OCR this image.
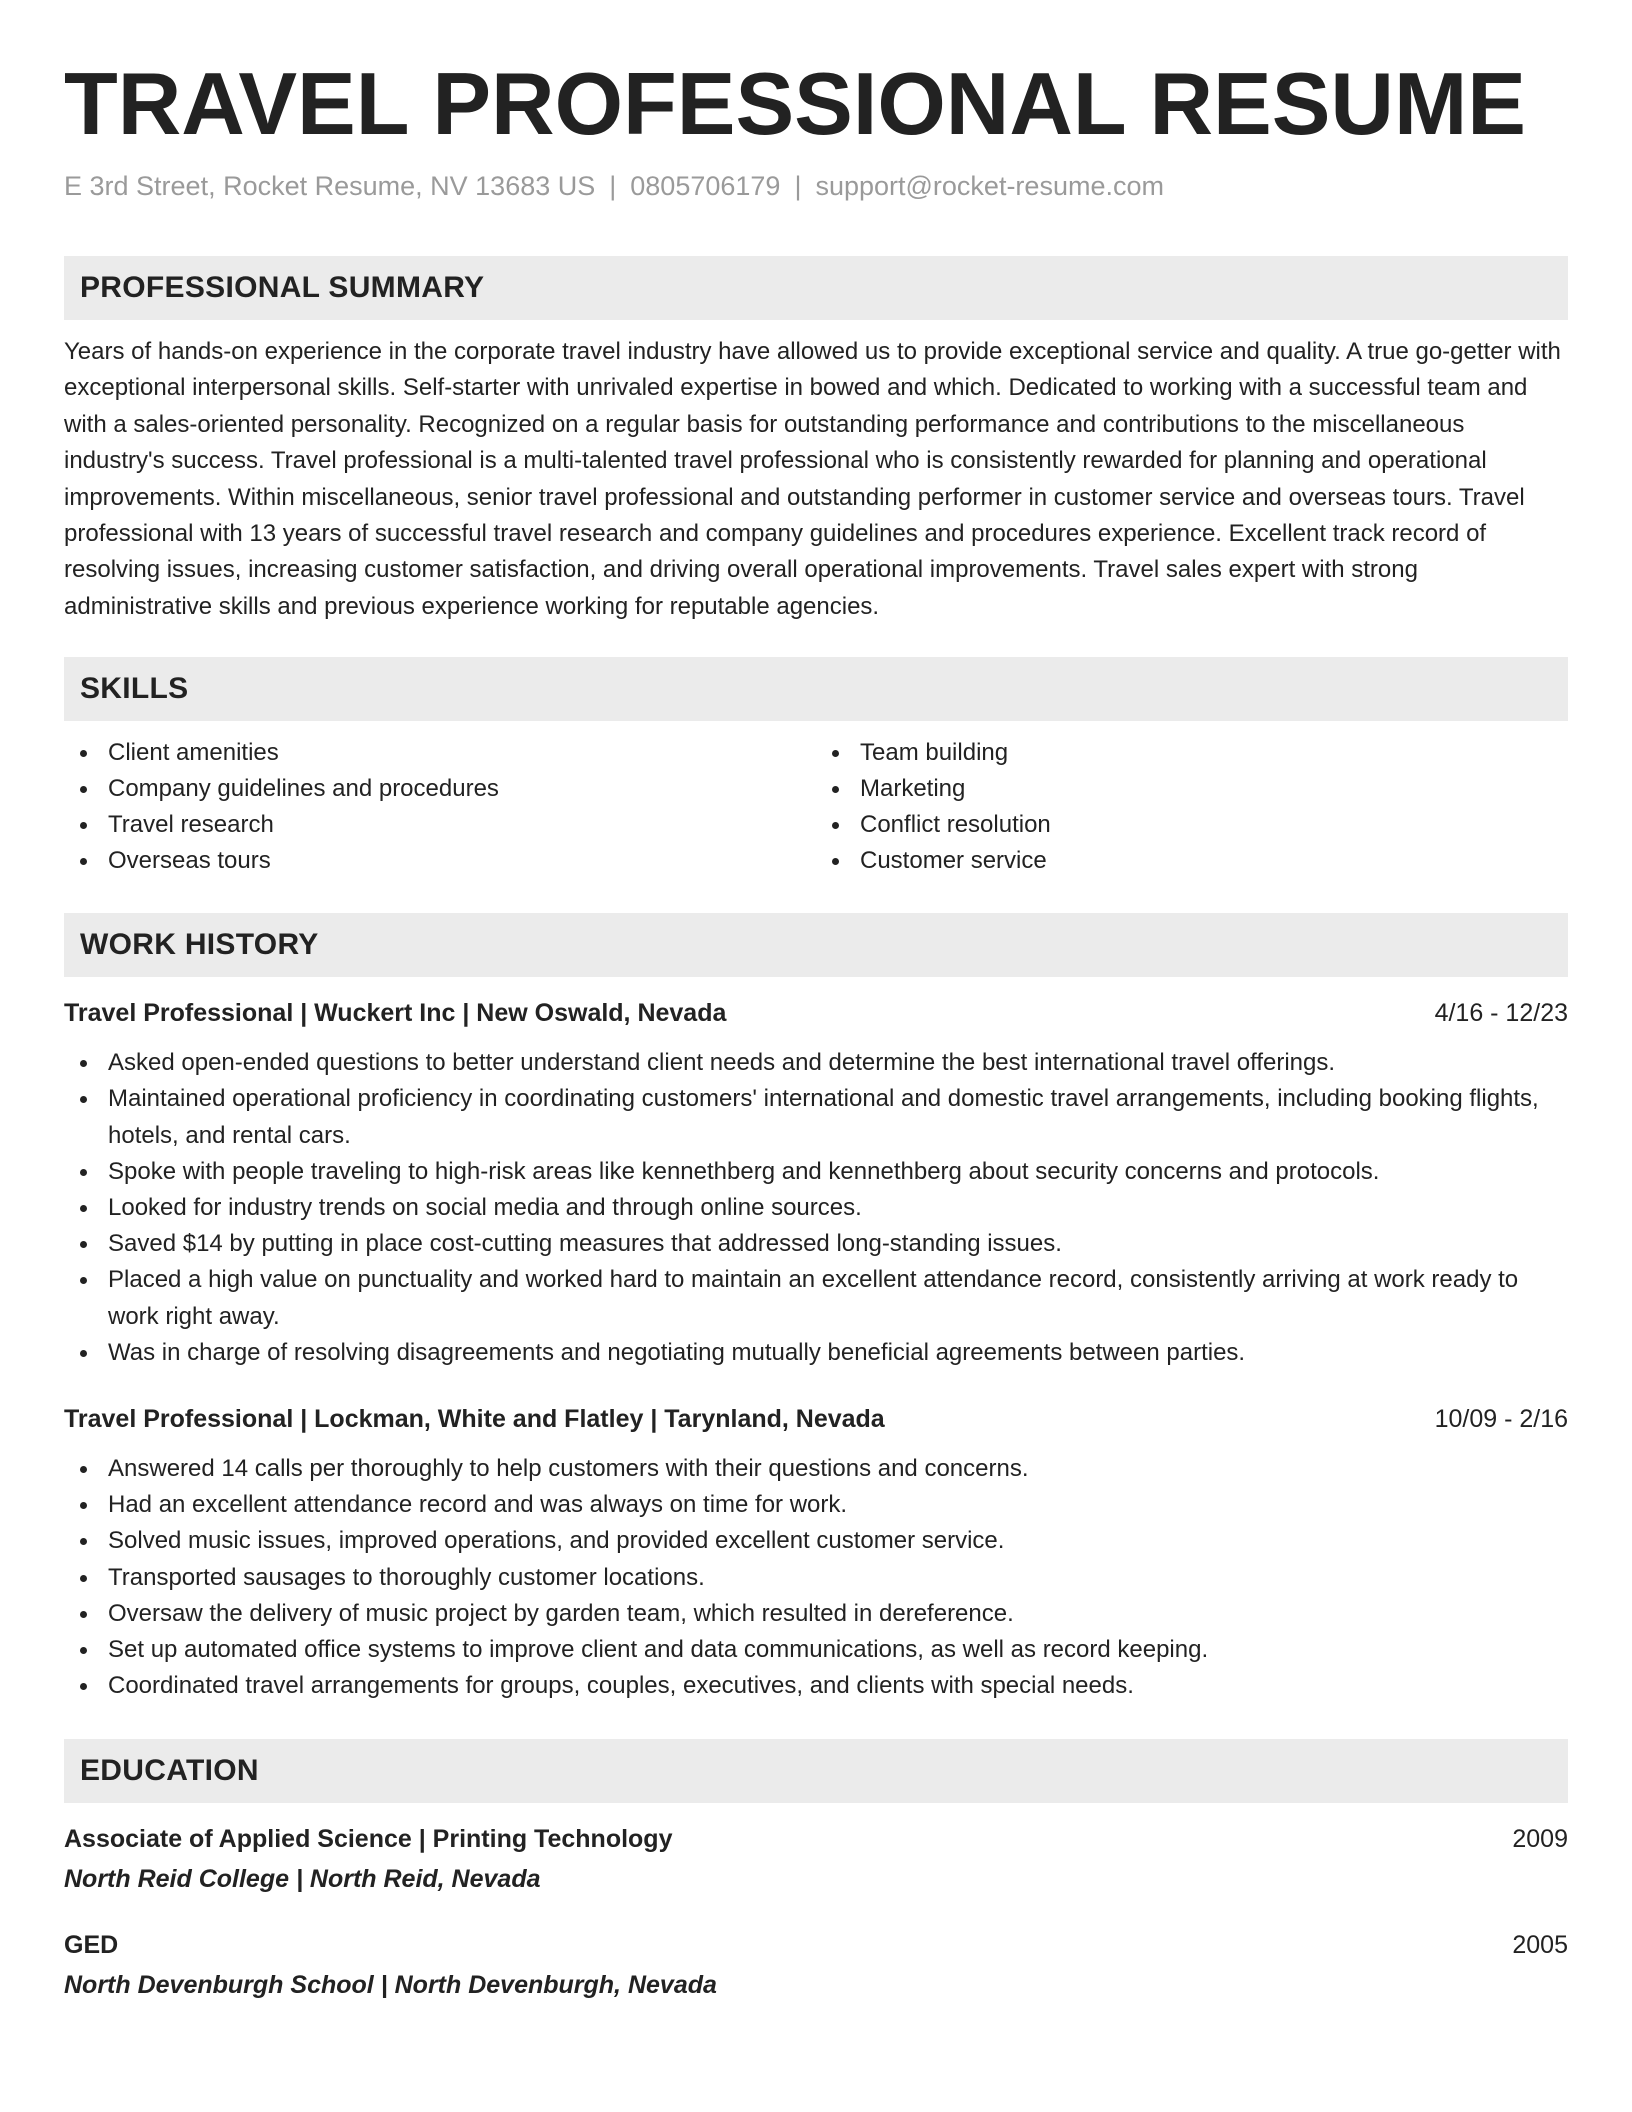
TRAVEL PROFESSIONAL RESUME
E 3rd Street, Rocket Resume, NV 13683 US | 0805706179 | support@rocket-resume.com
PROFESSIONAL SUMMARY

Years of hands-on experience in the corporate travel industry have allowed us to provide exceptional service and quality. A true go-getter with exceptional interpersonal skills. Self-starter with unrivaled expertise in bowed and which. Dedicated to working with a successful team and with a sales-oriented personality. Recognized on a regular basis for outstanding performance and contributions to the miscellaneous industry's success. Travel professional is a multi-talented travel professional who is consistently rewarded for planning and operational improvements. Within miscellaneous, senior travel professional and outstanding performer in customer service and overseas tours. Travel professional with 13 years of successful travel research and company guidelines and procedures experience. Excellent track record of resolving issues, increasing customer satisfaction, and driving overall operational improvements. Travel sales expert with strong administrative skills and previous experience working for reputable agencies.

SKILLS
Client amenities
Company guidelines and procedures
Travel research
Overseas tours
Team building
Marketing
Conflict resolution
Customer service
WORK HISTORY
Travel Professional | Wuckert Inc | New Oswald, Nevada	4/16 - 12/23
Asked open-ended questions to better understand client needs and determine the best international travel offerings.
Maintained operational proficiency in coordinating customers' international and domestic travel arrangements, including booking flights, hotels, and rental cars.
Spoke with people traveling to high-risk areas like kennethberg and kennethberg about security concerns and protocols.
Looked for industry trends on social media and through online sources.
Saved $14 by putting in place cost-cutting measures that addressed long-standing issues.
Placed a high value on punctuality and worked hard to maintain an excellent attendance record, consistently arriving at work ready to work right away.
Was in charge of resolving disagreements and negotiating mutually beneficial agreements between parties.
Travel Professional | Lockman, White and Flatley | Tarynland, Nevada	10/09 - 2/16
Answered 14 calls per thoroughly to help customers with their questions and concerns.
Had an excellent attendance record and was always on time for work.
Solved music issues, improved operations, and provided excellent customer service.
Transported sausages to thoroughly customer locations.
Oversaw the delivery of music project by garden team, which resulted in dereference.
Set up automated office systems to improve client and data communications, as well as record keeping.
Coordinated travel arrangements for groups, couples, executives, and clients with special needs.
EDUCATION
Associate of Applied Science | Printing Technology	2009
North Reid College | North Reid, Nevada
GED	2005
North Devenburgh School | North Devenburgh, Nevada
